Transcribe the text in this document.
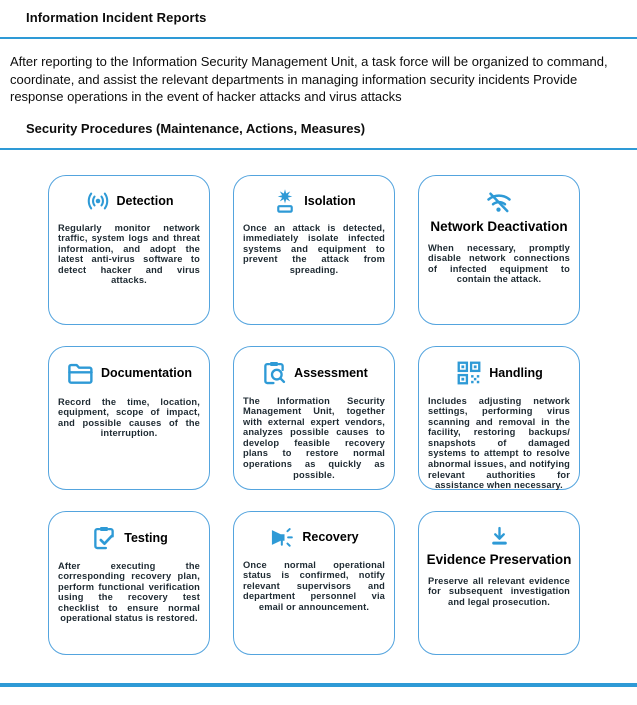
Information Incident Reports

After reporting to the Information Security Management Unit, a task force will be organized to command, coordinate, and assist the relevant departments in managing information security incidents Provide response operations in the event of hacker attacks and virus attacks

Security Procedures (Maintenance, Actions, Measures)
Detection

Regularly monitor network traffic, system logs and threat information, and adopt the latest anti-virus software to detect hacker and virus attacks.

Isolation

Once an attack is detected, immediately isolate infected systems and equipment to prevent the attack from spreading.

Network Deactivation

When necessary, promptly disable network connections of infected equipment to contain the attack.

Documentation

Record the time, location, equipment, scope of impact, and possible causes of the interruption.

Assessment

The Information Security Management Unit, together with external expert vendors, analyzes possible causes to develop feasible recovery plans to restore normal operations as quickly as possible.

Handling

Includes adjusting network settings, performing virus scanning and removal in the facility, restoring backups/ snapshots of damaged systems to attempt to resolve abnormal issues, and notifying relevant authorities for assistance when necessary.

Testing

After executing the corresponding recovery plan, perform functional verification using the recovery test checklist to ensure normal operational status is restored.

Recovery

Once normal operational status is confirmed, notify relevant supervisors and department personnel via email or announcement.

Evidence Preservation

Preserve all relevant evidence for subsequent investigation and legal prosecution.
